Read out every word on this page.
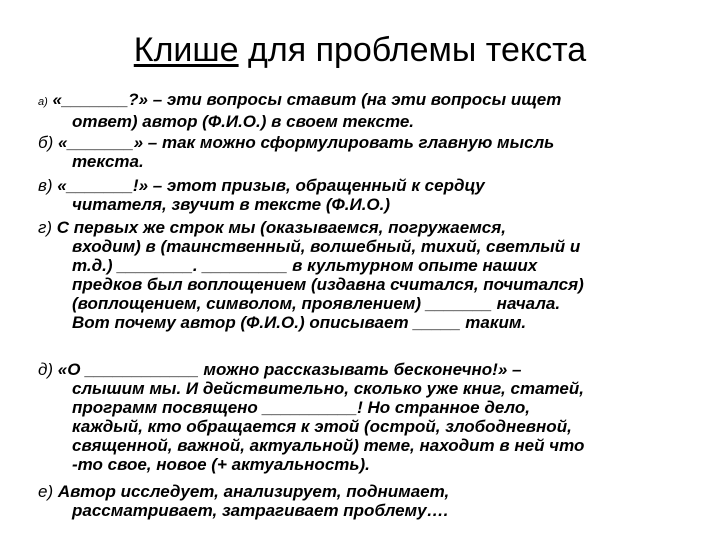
Клише для проблемы текста
а) «_______?» – эти вопросы ставит (на эти вопросы ищет
ответ) автор (Ф.И.О.) в своем тексте.
б) «_______» – так можно сформулировать главную мысль
текста.
в) «_______!» – этот призыв, обращенный к сердцу
читателя, звучит в тексте (Ф.И.О.)
г) С первых же строк мы (оказываемся, погружаемся,
входим) в (таинственный, волшебный, тихий, светлый и
т.д.) ________. _________ в культурном опыте наших
предков был воплощением (издавна считался, почитался)
(воплощением, символом, проявлением) _______ начала.
Вот почему автор (Ф.И.О.) описывает _____ таким.
д) «О ____________ можно рассказывать бесконечно!» –
слышим мы. И действительно, сколько уже книг, статей,
программ посвящено __________! Но странное дело,
каждый, кто обращается к этой (острой, злободневной,
священной, важной, актуальной) теме, находит в ней что
-то свое, новое (+ актуальность).
е) Автор исследует, анализирует, поднимает,
рассматривает, затрагивает проблему….
